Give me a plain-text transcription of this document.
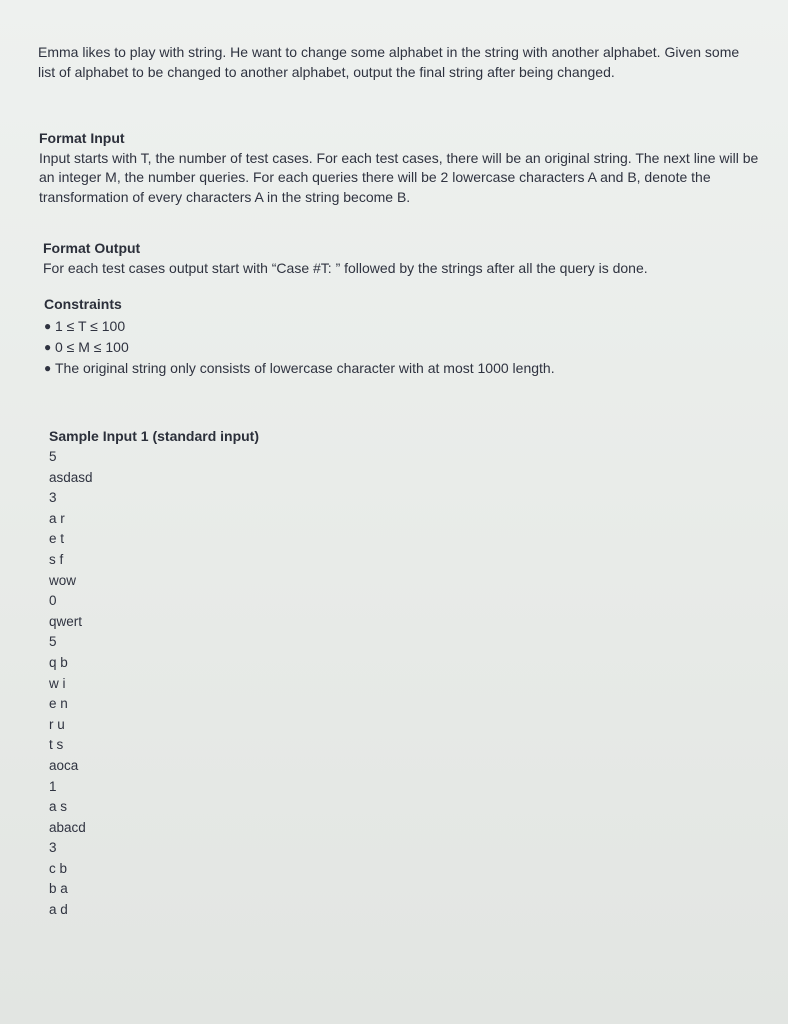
Emma likes to play with string. He want to change some alphabet in the string with another alphabet. Given some list of alphabet to be changed to another alphabet, output the final string after being changed.
Format Input
Input starts with T, the number of test cases. For each test cases, there will be an original string. The next line will be an integer M, the number queries. For each queries there will be 2 lowercase characters A and B, denote the transformation of every characters A in the string become B.
Format Output
For each test cases output start with “Case #T: ” followed by the strings after all the query is done.
Constraints
● 1 ≤ T ≤ 100
● 0 ≤ M ≤ 100
● The original string only consists of lowercase character with at most 1000 length.
Sample Input 1 (standard input)
5
asdasd
3
a r
e t
s f
wow
0
qwert
5
q b
w i
e n
r u
t s
aoca
1
a s
abacd
3
c b
b a
a d
